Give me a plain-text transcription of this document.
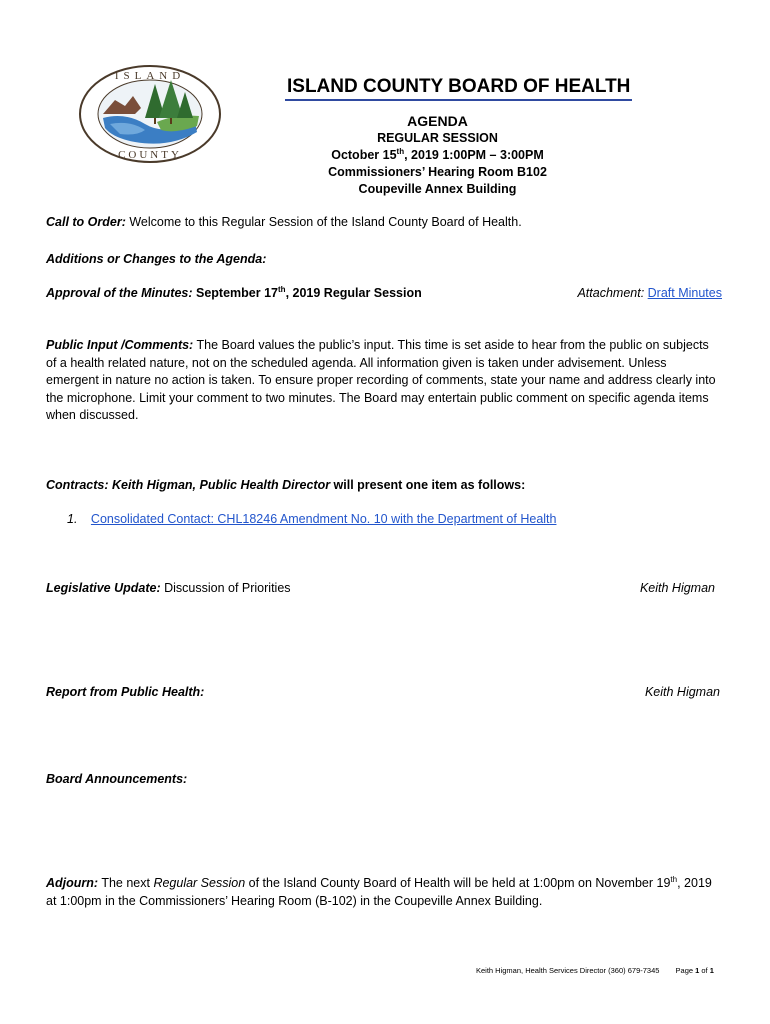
ISLAND
COUNTY
ISLAND COUNTY BOARD OF HEALTH
AGENDA
REGULAR SESSION
October 15th, 2019 1:00PM – 3:00PM
Commissioners’ Hearing Room B102
Coupeville Annex Building
Call to Order: Welcome to this Regular Session of the Island County Board of Health.
Additions or Changes to the Agenda:
Approval of the Minutes: September 17th, 2019 Regular Session	Attachment: Draft Minutes
Public Input /Comments: The Board values the public’s input. This time is set aside to hear from the public on subjects of a health related nature, not on the scheduled agenda. All information given is taken under advisement. Unless emergent in nature no action is taken. To ensure proper recording of comments, state your name and address clearly into the microphone. Limit your comment to two minutes. The Board may entertain public comment on specific agenda items when discussed.
Contracts: Keith Higman, Public Health Director will present one item as follows:
1. Consolidated Contact: CHL18246 Amendment No. 10 with the Department of Health
Legislative Update: Discussion of Priorities	Keith Higman
Report from Public Health:	Keith Higman
Board Announcements:
Adjourn: The next Regular Session of the Island County Board of Health will be held at 1:00pm on November 19th, 2019 at 1:00pm in the Commissioners’ Hearing Room (B-102) in the Coupeville Annex Building.
Keith Higman, Health Services Director (360) 679-7345 Page 1 of 1
